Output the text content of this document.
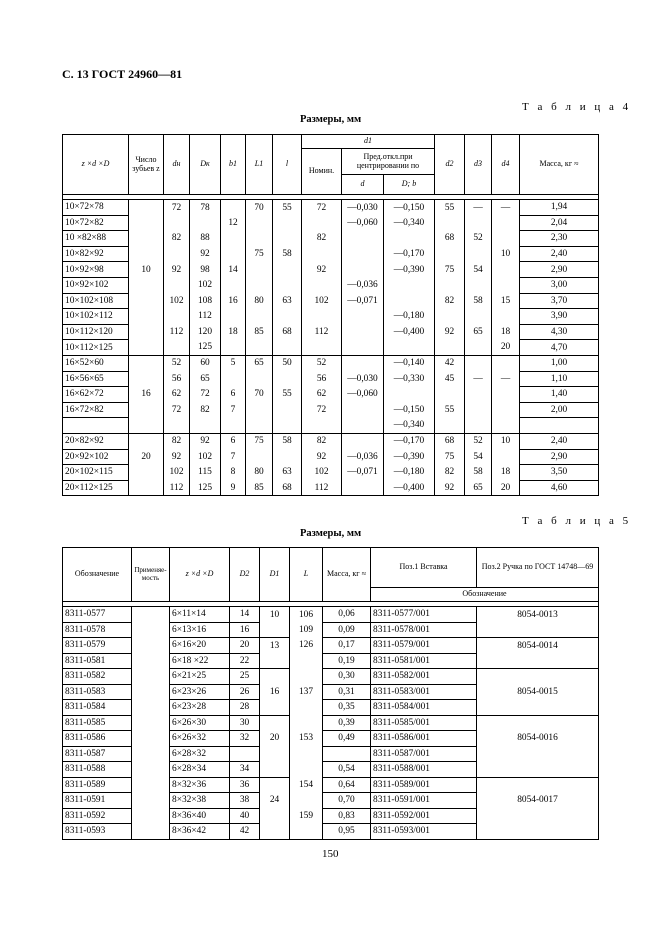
С. 13 ГОСТ 24960—81
Т а б л и ц а 4
Размеры, мм
z ×d ×D	Число зубьев z	dн	Dк	b1	L1	l	d1			d2	d3	d4	Масса, кг ≈
							Номин.	Пред.откл.при центрировании по					
								d	D; b				

10×72×78		72	78		70	55	72	—0,030	—0,150	55	—	—	1,94
10×72×82				12				—0,060	—0,340				2,04
10 ×82×88		82	88				82			68	52		2,30
10×82×92			92		75	58			—0,170			10	2,40
10×92×98	10	92	98	14			92		—0,390	75	54		2,90
10×92×102			102					—0,036					3,00
10×102×108		102	108	16	80	63	102	—0,071		82	58	15	3,70
10×102×112			112						—0,180				3,90
10×112×120		112	120	18	85	68	112		—0,400	92	65	18	4,30
10×112×125			125									20	4,70
16×52×60		52	60	5	65	50	52		—0,140	42			1,00
16×56×65		56	65				56	—0,030	—0,330	45	—	—	1,10
16×62×72	16	62	72	6	70	55	62	—0,060					1,40
16×72×82		72	82	7			72		—0,150	55			2,00
									—0,340				
20×82×92		82	92	6	75	58	82		—0,170	68	52	10	2,40
20×92×102	20	92	102	7			92	—0,036	—0,390	75	54		2,90
20×102×115		102	115	8	80	63	102	—0,071	—0,180	82	58	18	3,50
20×112×125		112	125	9	85	68	112		—0,400	92	65	20	4,60
Т а б л и ц а 5
Размеры, мм
Обозначение	Применяемость	z ×d ×D	D2	D1	L	Масса, кг ≈	Поз.1 Вставка	Поз.2 Ручка по ГОСТ 14748—69
							Обозначение	

8311-0577		6×11×14	14	10	106	0,06	8311-0577/001	8054-0013
8311-0578		6×13×16	16		109	0,09	8311-0578/001	
8311-0579		6×16×20	20	13	126	0,17	8311-0579/001	8054-0014
8311-0581		6×18 ×22	22			0,19	8311-0581/001	
8311-0582		6×21×25	25			0,30	8311-0582/001	
8311-0583		6×23×26	26	16	137	0,31	8311-0583/001	8054-0015
8311-0584		6×23×28	28			0,35	8311-0584/001	
8311-0585		6×26×30	30			0,39	8311-0585/001	
8311-0586		6×26×32	32	20	153	0,49	8311-0586/001	8054-0016
8311-0587		6×28×32					8311-0587/001	
8311-0588		6×28×34	34			0,54	8311-0588/001	
8311-0589		8×32×36	36		154	0,64	8311-0589/001	
8311-0591		8×32×38	38	24		0,70	8311-0591/001	8054-0017
8311-0592		8×36×40	40		159	0,83	8311-0592/001	
8311-0593		8×36×42	42			0,95	8311-0593/001	
150
